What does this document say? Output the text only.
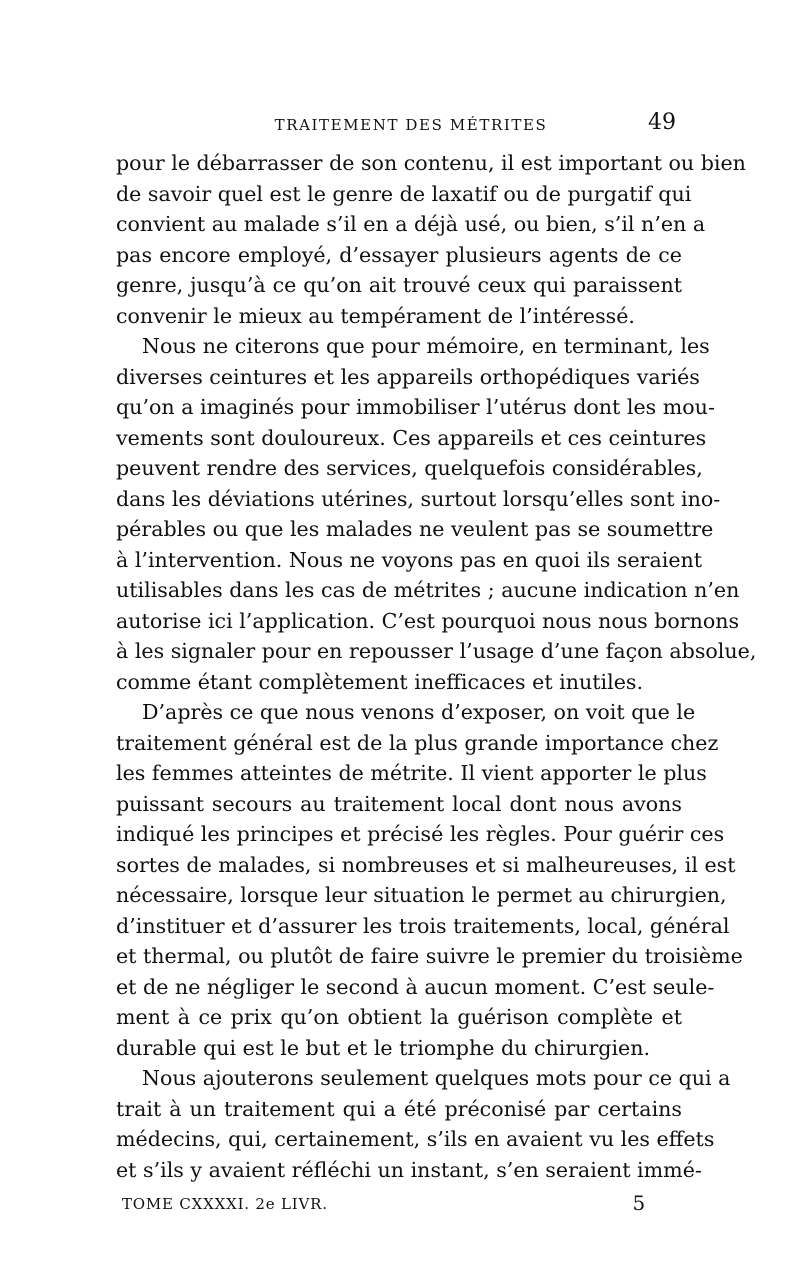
TRAITEMENT DES MÉTRITES	49
pour le débarrasser de son contenu, il est important ou bien
de savoir quel est le genre de laxatif ou de purgatif qui
convient au malade s’il en a déjà usé, ou bien, s’il n’en a
pas encore employé, d’essayer plusieurs agents de ce
genre, jusqu’à ce qu’on ait trouvé ceux qui paraissent
convenir le mieux au tempérament de l’intéressé.
Nous ne citerons que pour mémoire, en terminant, les
diverses ceintures et les appareils orthopédiques variés
qu’on a imaginés pour immobiliser l’utérus dont les mou-
vements sont douloureux. Ces appareils et ces ceintures
peuvent rendre des services, quelquefois considérables,
dans les déviations utérines, surtout lorsqu’elles sont ino-
pérables ou que les malades ne veulent pas se soumettre
à l’intervention. Nous ne voyons pas en quoi ils seraient
utilisables dans les cas de métrites ; aucune indication n’en
autorise ici l’application. C’est pourquoi nous nous bornons
à les signaler pour en repousser l’usage d’une façon absolue,
comme étant complètement inefficaces et inutiles.
D’après ce que nous venons d’exposer, on voit que le
traitement général est de la plus grande importance chez
les femmes atteintes de métrite. Il vient apporter le plus
puissant secours au traitement local dont nous avons
indiqué les principes et précisé les règles. Pour guérir ces
sortes de malades, si nombreuses et si malheureuses, il est
nécessaire, lorsque leur situation le permet au chirurgien,
d’instituer et d’assurer les trois traitements, local, général
et thermal, ou plutôt de faire suivre le premier du troisième
et de ne négliger le second à aucun moment. C’est seule-
ment à ce prix qu’on obtient la guérison complète et
durable qui est le but et le triomphe du chirurgien.
Nous ajouterons seulement quelques mots pour ce qui a
trait à un traitement qui a été préconisé par certains
médecins, qui, certainement, s’ils en avaient vu les effets
et s’ils y avaient réfléchi un instant, s’en seraient immé-
TOME CXXXXI. 2e LIVR.	5
